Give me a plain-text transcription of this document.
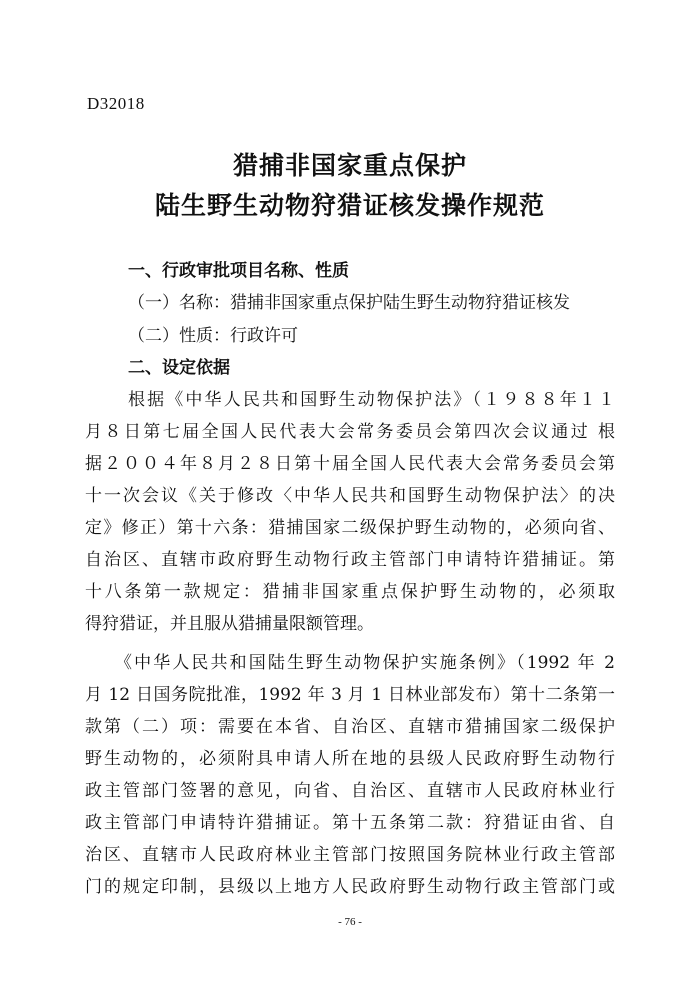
D32018
猎捕非国家重点保护
陆生野生动物狩猎证核发操作规范
一、行政审批项目名称、性质
（一）名称：猎捕非国家重点保护陆生野生动物狩猎证核发
（二）性质：行政许可
二、设定依据
根据《中华人民共和国野生动物保护法》（１９８８年１１
月８日第七届全国人民代表大会常务委员会第四次会议通过 根
据２００４年８月２８日第十届全国人民代表大会常务委员会第
十一次会议《关于修改〈中华人民共和国野生动物保护法〉的决
定》修正）第十六条：猎捕国家二级保护野生动物的，必须向省、
自治区、直辖市政府野生动物行政主管部门申请特许猎捕证。第
十八条第一款规定：猎捕非国家重点保护野生动物的，必须取
得狩猎证，并且服从猎捕量限额管理。
《中华人民共和国陆生野生动物保护实施条例》（1992 年 2
月 12 日国务院批准，1992 年 3 月 1 日林业部发布）第十二条第一
款第（二）项：需要在本省、自治区、直辖市猎捕国家二级保护
野生动物的，必须附具申请人所在地的县级人民政府野生动物行
政主管部门签署的意见，向省、自治区、直辖市人民政府林业行
政主管部门申请特许猎捕证。第十五条第二款：狩猎证由省、自
治区、直辖市人民政府林业主管部门按照国务院林业行政主管部
门的规定印制，县级以上地方人民政府野生动物行政主管部门或
- 76 -
